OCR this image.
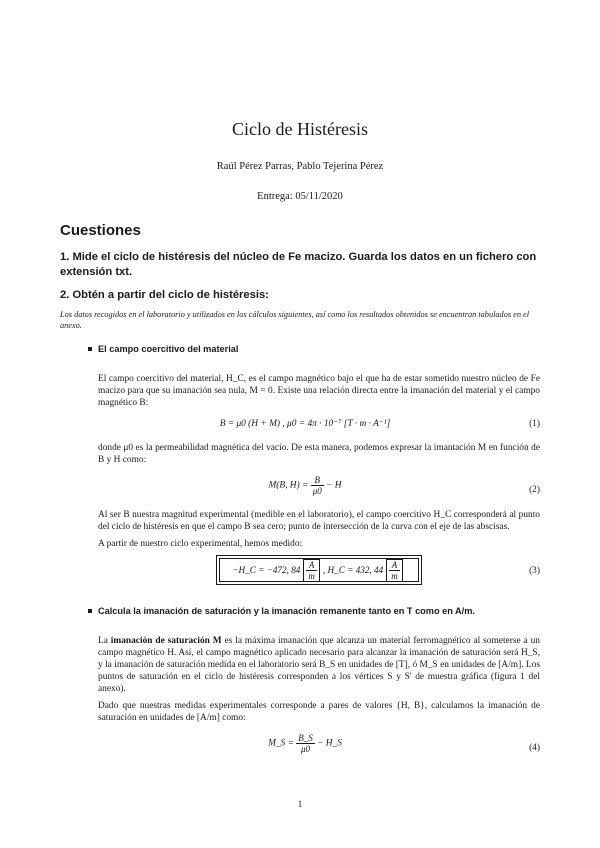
Ciclo de Histéresis
Raúl Pérez Parras, Pablo Tejerina Pérez
Entrega: 05/11/2020
Cuestiones
1. Mide el ciclo de histéresis del núcleo de Fe macizo. Guarda los datos en un fichero con extensión txt.
2. Obtén a partir del ciclo de histéresis:
Los datos recogidos en el laboratorio y utilizados en los cálculos siguientes, así como los resultados obtenidos se encuentran tabulados en el anexo.
El campo coercitivo del material
El campo coercitivo del material, H_C, es el campo magnético bajo el que ha de estar sometido nuestro núcleo de Fe macizo para que su imanación sea nula, M = 0. Existe una relación directa entre la imanación del material y el campo magnético B:
B = μ0 (H + M) , μ0 = 4π · 10⁻⁷ [T · m · A⁻¹]	(1)
donde μ0 es la permeabilidad magnética del vacío. De esta manera, podemos expresar la imantación M en función de B y H como:
M(B, $H) = \frac{B}{\mu 0} - H$	(2)
Al ser B nuestra magnitud experimental (medible en el laboratorio), el campo coercitivo H_C corresponderá al punto del ciclo de histéresis en que el campo B sea cero; punto de intersección de la curva con el eje de las abscisas.
A partir de nuestro ciclo experimental, hemos medido:
−H_C = −472, $84 \frac{A}{m}$ , H_C = 432, $44 \frac{A}{m}$	(3)
Calcula la imanación de saturación y la imanación remanente tanto en T como en A/m.
La imanación de saturación M es la máxima imanación que alcanza un material ferromagnético al someterse a un campo magnético H. Así, el campo magnético aplicado necesario para alcanzar la imanación de saturación será H_S, y la imanación de saturación medida en el laboratorio será B_S en unidades de [T], ó M_S en unidades de [A/m]. Los puntos de saturación en el ciclo de histéresis corresponden a los vértices S y S' de muestra gráfica (figura 1 del anexo).
Dado que nuestras medidas experimentales corresponde a pares de valores {H, B}, calculamos la imanación de saturación en unidades de [A/m] como:
M_S = $\frac{B\_S}{\mu 0}$ − H_S	(4)
1
